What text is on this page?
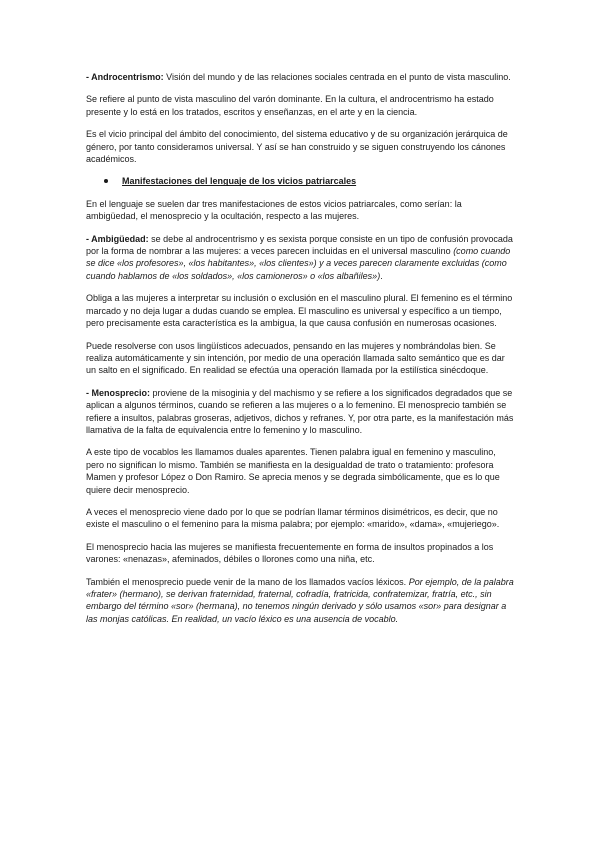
- Androcentrismo: Visión del mundo y de las relaciones sociales centrada en el punto de vista masculino.

Se refiere al punto de vista masculino del varón dominante. En la cultura, el androcentrismo ha estado presente y lo está en los tratados, escritos y enseñanzas, en el arte y en la ciencia.

Es el vicio principal del ámbito del conocimiento, del sistema educativo y de su organización jerárquica de género, por tanto consideramos universal. Y así se han construido y se siguen construyendo los cánones académicos.

Manifestaciones del lenguaje de los vicios patriarcales

En el lenguaje se suelen dar tres manifestaciones de estos vicios patriarcales, como serían: la ambigüedad, el menosprecio y la ocultación, respecto a las mujeres.

- Ambigüedad: se debe al androcentrismo y es sexista porque consiste en un tipo de confusión provocada por la forma de nombrar a las mujeres: a veces parecen incluidas en el universal masculino (como cuando se dice «los profesores», «los habitantes», «los clientes») y a veces parecen claramente excluidas (como cuando hablamos de «los soldados», «los camioneros» o «los albañiles»).

Obliga a las mujeres a interpretar su inclusión o exclusión en el masculino plural. El femenino es el término marcado y no deja lugar a dudas cuando se emplea. El masculino es universal y específico a un tiempo, pero precisamente esta característica es la ambigua, la que causa confusión en numerosas ocasiones.

Puede resolverse con usos lingüísticos adecuados, pensando en las mujeres y nombrándolas bien. Se realiza automáticamente y sin intención, por medio de una operación llamada salto semántico que es dar un salto en el significado. En realidad se efectúa una operación llamada por la estilística sinécdoque.

- Menosprecio: proviene de la misoginia y del machismo y se refiere a los significados degradados que se aplican a algunos términos, cuando se refieren a las mujeres o a lo femenino. El menosprecio también se refiere a insultos, palabras groseras, adjetivos, dichos y refranes. Y, por otra parte, es la manifestación más llamativa de la falta de equivalencia entre lo femenino y lo masculino.

A este tipo de vocablos les llamamos duales aparentes. Tienen palabra igual en femenino y masculino, pero no significan lo mismo. También se manifiesta en la desigualdad de trato o tratamiento: profesora Mamen y profesor López o Don Ramiro. Se aprecia menos y se degrada simbólicamente, que es lo que quiere decir menosprecio.

A veces el menosprecio viene dado por lo que se podrían llamar términos disimétricos, es decir, que no existe el masculino o el femenino para la misma palabra; por ejemplo: «marido», «dama», «mujeriego».

El menosprecio hacia las mujeres se manifiesta frecuentemente en forma de insultos propinados a los varones: «nenazas», afeminados, débiles o llorones como una niña, etc.

También el menosprecio puede venir de la mano de los llamados vacíos léxicos. Por ejemplo, de la palabra «frater» (hermano), se derivan fraternidad, fraternal, cofradía, fratricida, confratemizar, fratría, etc., sin embargo del término «sor» (hermana), no tenemos ningún derivado y sólo usamos «sor» para designar a las monjas católicas. En realidad, un vacío léxico es una ausencia de vocablo.
